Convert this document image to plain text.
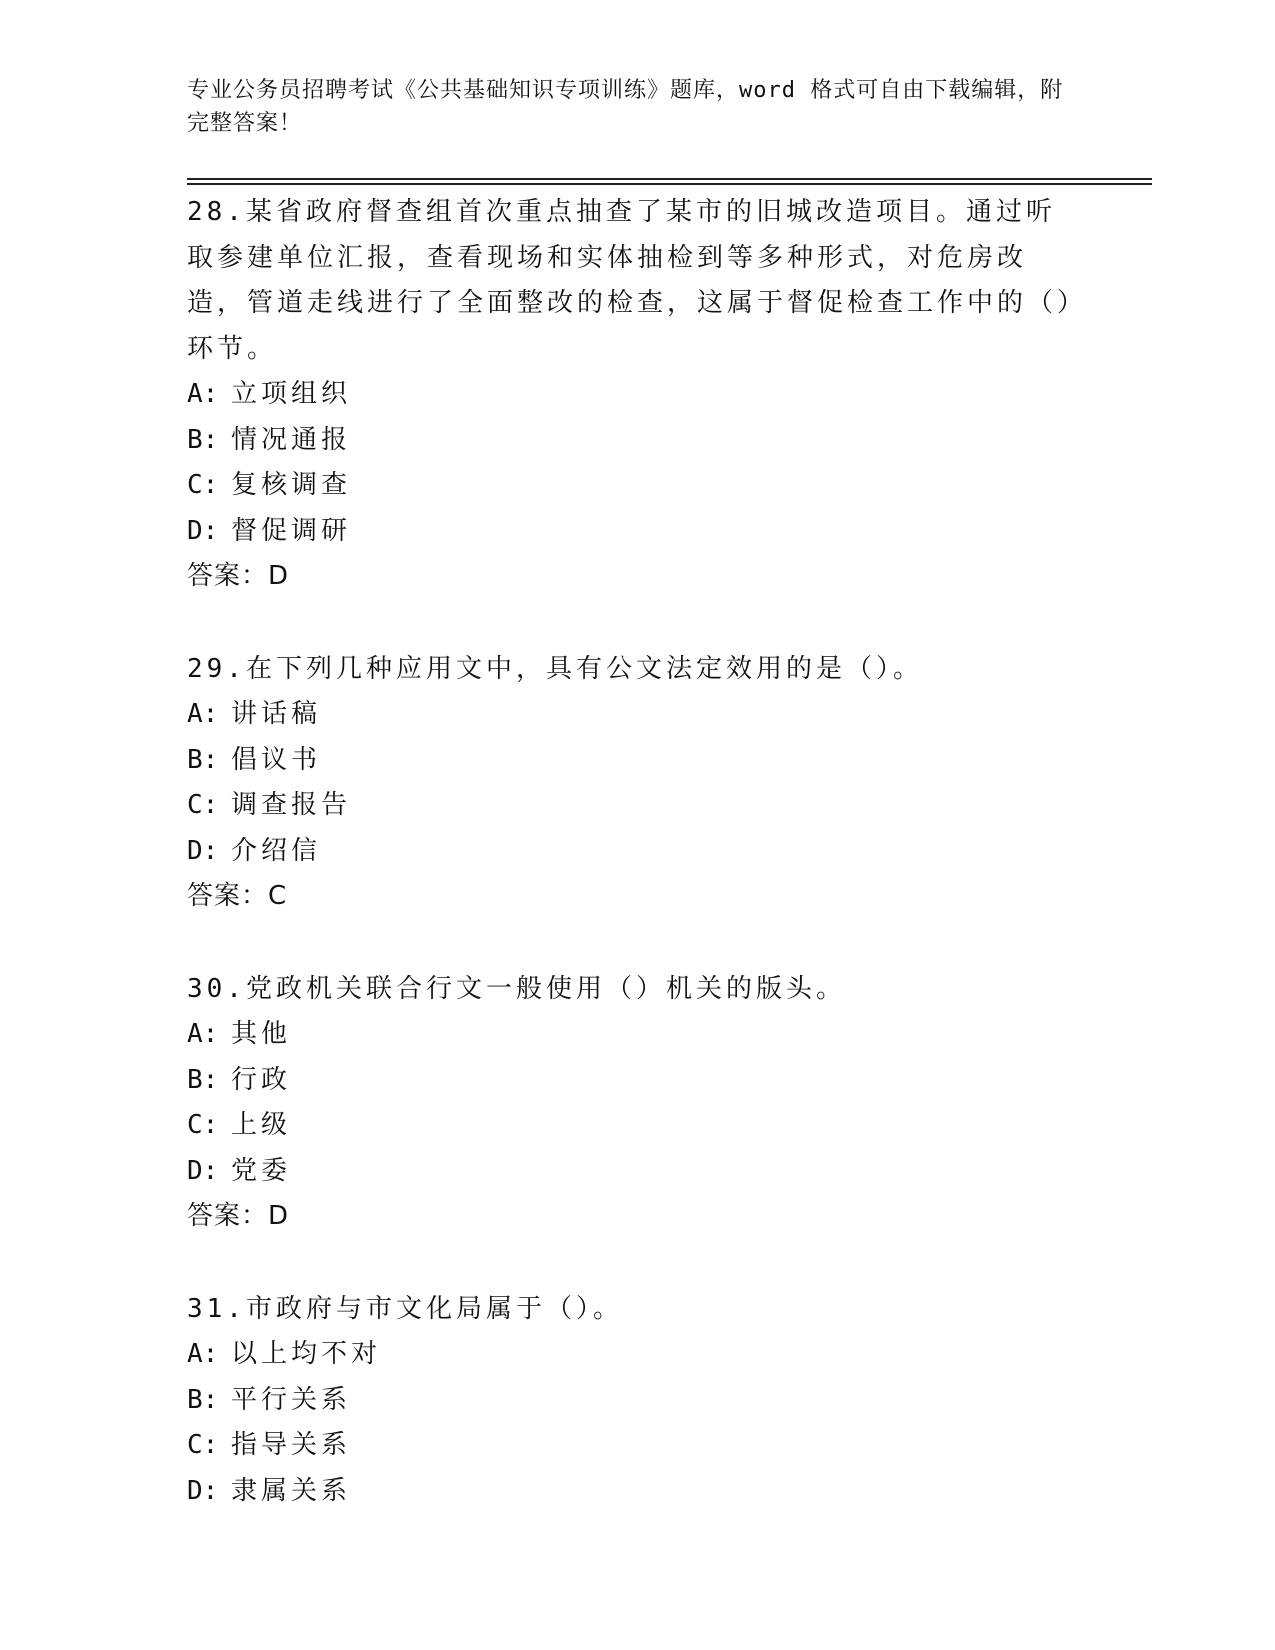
专业公务员招聘考试《公共基础知识专项训练》题库，word 格式可自由下载编辑，附完整答案！
28.某省政府督查组首次重点抽查了某市的旧城改造项目。通过听取参建单位汇报，查看现场和实体抽检到等多种形式，对危房改造，管道走线进行了全面整改的检查，这属于督促检查工作中的（）环节。
A: 立项组织
B: 情况通报
C: 复核调查
D: 督促调研
答案：D
29.在下列几种应用文中，具有公文法定效用的是（）。
A: 讲话稿
B: 倡议书
C: 调查报告
D: 介绍信
答案：C
30.党政机关联合行文一般使用（）机关的版头。
A: 其他
B: 行政
C: 上级
D: 党委
答案：D
31.市政府与市文化局属于（）。
A: 以上均不对
B: 平行关系
C: 指导关系
D: 隶属关系
